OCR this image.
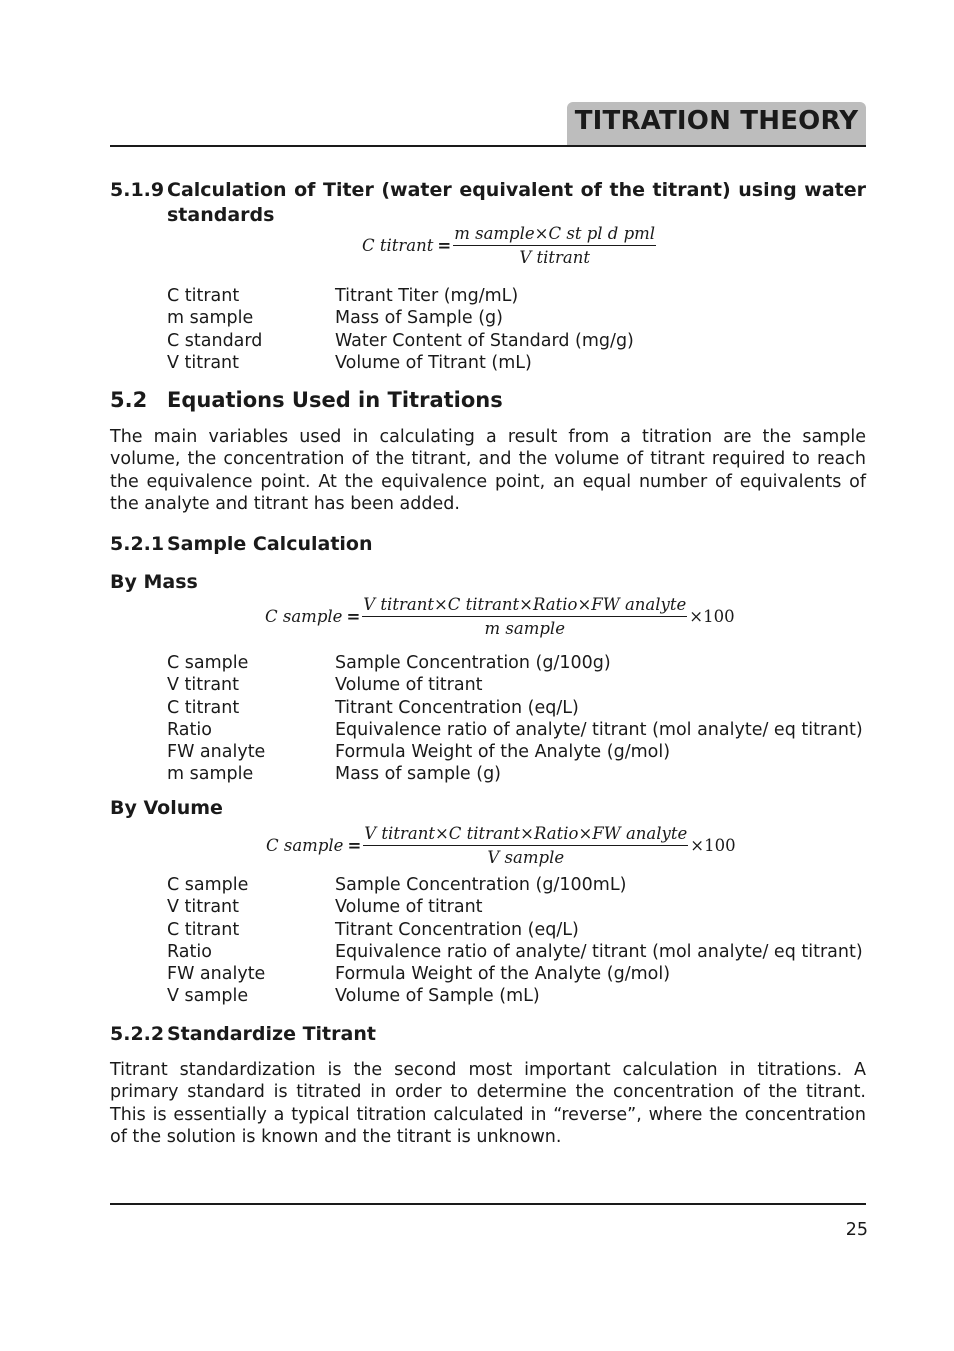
TITRATION THEORY
5.1.9 Calculation of Titer (water equivalent of the titrant) using water
standards
C titrant = $\frac{\text{m sample×C st pl d pml}}{\text{V titrant}}$
C titrant	Titrant Titer (mg/mL)
m sample	Mass of Sample (g)
C standard	Water Content of Standard (mg/g)
V titrant	Volume of Titrant (mL)
5.2 Equations Used in Titrations
The main variables used in calculating a result from a titration are the sample volume, the concentration of the titrant, and the volume of titrant required to reach the equivalence point. At the equivalence point, an equal number of equivalents of the analyte and titrant has been added.
5.2.1 Sample Calculation
By Mass
C sample = $\frac{\text{V titrant×C titrant×Ratio×FW analyte}}{\text{m sample}} \times 100$
C sample	Sample Concentration (g/100g)
V titrant	Volume of titrant
C titrant	Titrant Concentration (eq/L)
Ratio	Equivalence ratio of analyte/ titrant (mol analyte/ eq titrant)
FW analyte	Formula Weight of the Analyte (g/mol)
m sample	Mass of sample (g)
By Volume
C sample = $\frac{\text{V titrant×C titrant×Ratio×FW analyte}}{\text{V sample}} \times 100$
C sample	Sample Concentration (g/100mL)
V titrant	Volume of titrant
C titrant	Titrant Concentration (eq/L)
Ratio	Equivalence ratio of analyte/ titrant (mol analyte/ eq titrant)
FW analyte	Formula Weight of the Analyte (g/mol)
V sample	Volume of Sample (mL)
5.2.2 Standardize Titrant
Titrant standardization is the second most important calculation in titrations. A primary standard is titrated in order to determine the concentration of the titrant. This is essentially a typical titration calculated in “reverse”, where the concentration of the solution is known and the titrant is unknown.
25
